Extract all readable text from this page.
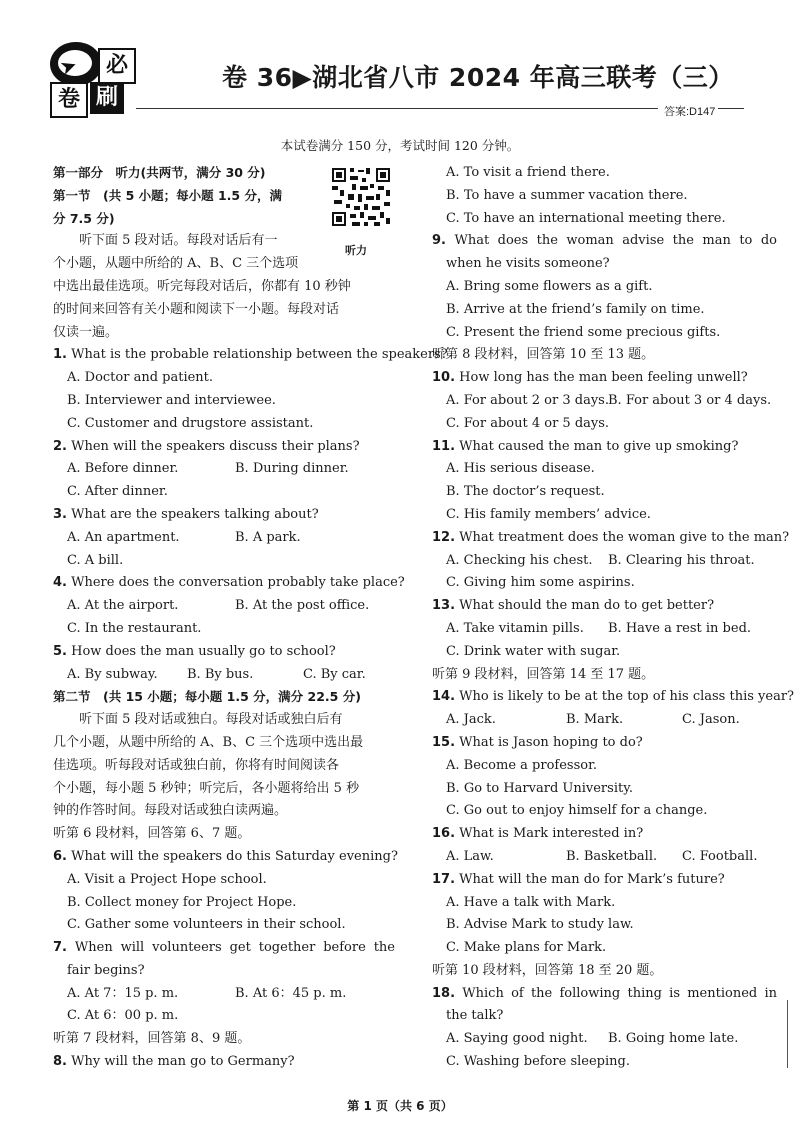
➤	必
卷 刷
卷 36▶湖北省八市 2024 年高三联考（三）
答案:D147
本试卷满分 150 分，考试时间 120 分钟。
听力
第一部分　听力(共两节，满分 30 分)
第一节　(共 5 小题；每小题 1.5 分，满
分 7.5 分)
听下面 5 段对话。每段对话后有一
个小题，从题中所给的 A、B、C 三个选项
中选出最佳选项。听完每段对话后，你都有 10 秒钟
的时间来回答有关小题和阅读下一小题。每段对话
仅读一遍。
1. What is the probable relationship between the speakers?
A. Doctor and patient.
B. Interviewer and interviewee.
C. Customer and drugstore assistant.
2. When will the speakers discuss their plans?
A. Before dinner.	B. During dinner.
C. After dinner.
3. What are the speakers talking about?
A. An apartment.	B. A park.
C. A bill.
4. Where does the conversation probably take place?
A. At the airport.	B. At the post office.
C. In the restaurant.
5. How does the man usually go to school?
A. By subway.	B. By bus.	C. By car.
第二节　(共 15 小题；每小题 1.5 分，满分 22.5 分)
听下面 5 段对话或独白。每段对话或独白后有
几个小题，从题中所给的 A、B、C 三个选项中选出最
佳选项。听每段对话或独白前，你将有时间阅读各
个小题，每小题 5 秒钟；听完后，各小题将给出 5 秒
钟的作答时间。每段对话或独白读两遍。
听第 6 段材料，回答第 6、7 题。
6. What will the speakers do this Saturday evening?
A. Visit a Project Hope school.
B. Collect money for Project Hope.
C. Gather some volunteers in their school.
7. When will volunteers get together before the fair begins?
A. At 7：15 p. m.	B. At 6：45 p. m.
C. At 6：00 p. m.
听第 7 段材料，回答第 8、9 题。
8. Why will the man go to Germany?
A. To visit a friend there.
B. To have a summer vacation there.
C. To have an international meeting there.
9. What does the woman advise the man to do when he visits someone?
A. Bring some flowers as a gift.
B. Arrive at the friend’s family on time.
C. Present the friend some precious gifts.
听第 8 段材料，回答第 10 至 13 题。
10. How long has the man been feeling unwell?
A. For about 2 or 3 days. B. For about 3 or 4 days.
C. For about 4 or 5 days.
11. What caused the man to give up smoking?
A. His serious disease.
B. The doctor’s request.
C. His family members’ advice.
12. What treatment does the woman give to the man?
A. Checking his chest.	B. Clearing his throat.
C. Giving him some aspirins.
13. What should the man do to get better?
A. Take vitamin pills.	B. Have a rest in bed.
C. Drink water with sugar.
听第 9 段材料，回答第 14 至 17 题。
14. Who is likely to be at the top of his class this year?
A. Jack.	B. Mark.	C. Jason.
15. What is Jason hoping to do?
A. Become a professor.
B. Go to Harvard University.
C. Go out to enjoy himself for a change.
16. What is Mark interested in?
A. Law.	B. Basketball.	C. Football.
17. What will the man do for Mark’s future?
A. Have a talk with Mark.
B. Advise Mark to study law.
C. Make plans for Mark.
听第 10 段材料，回答第 18 至 20 题。
18. Which of the following thing is mentioned in the talk?
A. Saying good night.	B. Going home late.
C. Washing before sleeping.
第 1 页（共 6 页）
